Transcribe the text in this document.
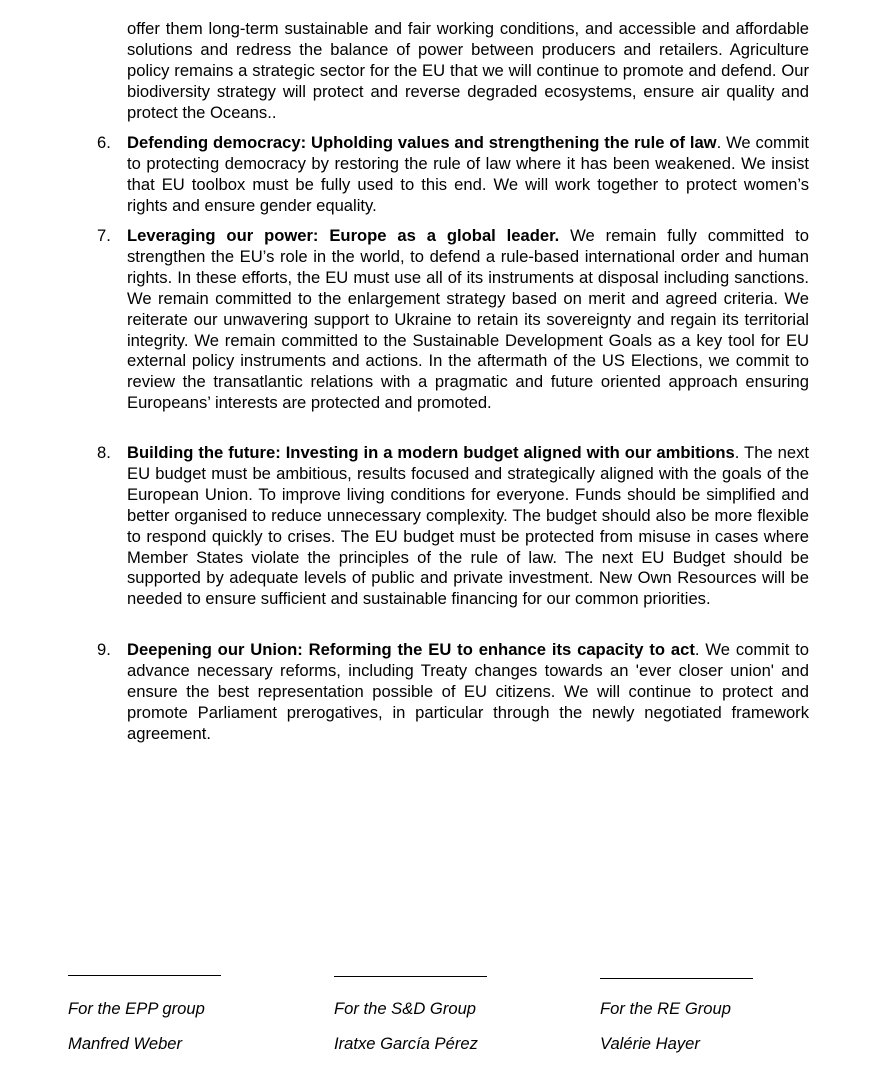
offer them long-term sustainable and fair working conditions, and accessible and affordable solutions and redress the balance of power between producers and retailers. Agriculture policy remains a strategic sector for the EU that we will continue to promote and defend. Our biodiversity strategy will protect and reverse degraded ecosystems, ensure air quality and protect the Oceans..

6. Defending democracy: Upholding values and strengthening the rule of law. We commit to protecting democracy by restoring the rule of law where it has been weakened. We insist that EU toolbox must be fully used to this end. We will work together to protect women’s rights and ensure gender equality.

7. Leveraging our power: Europe as a global leader. We remain fully committed to strengthen the EU’s role in the world, to defend a rule-based international order and human rights. In these efforts, the EU must use all of its instruments at disposal including sanctions. We remain committed to the enlargement strategy based on merit and agreed criteria. We reiterate our unwavering support to Ukraine to retain its sovereignty and regain its territorial integrity. We remain committed to the Sustainable Development Goals as a key tool for EU external policy instruments and actions. In the aftermath of the US Elections, we commit to review the transatlantic relations with a pragmatic and future oriented approach ensuring Europeans’ interests are protected and promoted.

8. Building the future: Investing in a modern budget aligned with our ambitions. The next EU budget must be ambitious, results focused and strategically aligned with the goals of the European Union. To improve living conditions for everyone. Funds should be simplified and better organised to reduce unnecessary complexity. The budget should also be more flexible to respond quickly to crises. The EU budget must be protected from misuse in cases where Member States violate the principles of the rule of law. The next EU Budget should be supported by adequate levels of public and private investment. New Own Resources will be needed to ensure sufficient and sustainable financing for our common priorities.

9. Deepening our Union: Reforming the EU to enhance its capacity to act. We commit to advance necessary reforms, including Treaty changes towards an 'ever closer union' and ensure the best representation possible of EU citizens. We will continue to protect and promote Parliament prerogatives, in particular through the newly negotiated framework agreement.

For the EPP group
Manfred Weber
For the S&D Group
Iratxe García Pérez
For the RE Group
Valérie Hayer
